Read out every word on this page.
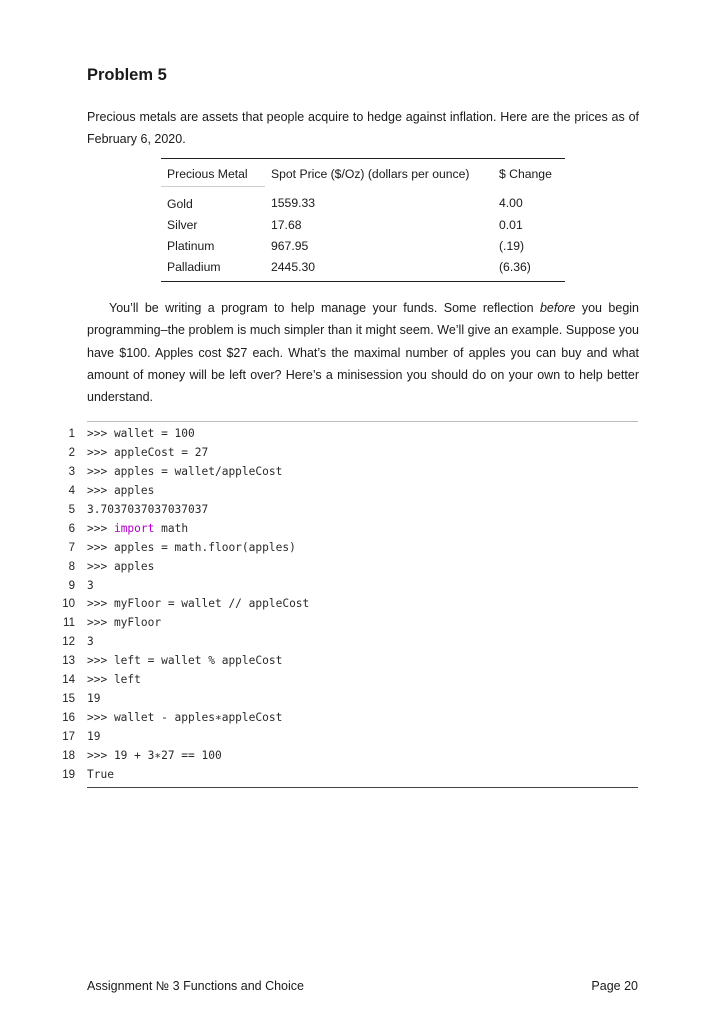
Problem 5

Precious metals are assets that people acquire to hedge against inflation. Here are the prices as of February 6, 2020.

Precious Metal	Spot Price ($/Oz) (dollars per ounce)	$ Change
Gold	1559.33	4.00
Silver	17.68	0.01
Platinum	967.95	(.19)
Palladium	2445.30	(6.36)

You’ll be writing a program to help manage your funds. Some reflection before you begin programming–the problem is much simpler than it might seem. We’ll give an example. Suppose you have $100. Apples cost $27 each. What’s the maximal number of apples you can buy and what amount of money will be left over? Here’s a minisession you should do on your own to help better understand.

1 >>> wallet = 100
2 >>> appleCost = 27
3 >>> apples = wallet/appleCost
4 >>> apples
5 3.7037037037037037
6 >>> import math
7 >>> apples = math.floor(apples)
8 >>> apples
9 3
10 >>> myFloor = wallet // appleCost
11 >>> myFloor
12 3
13 >>> left = wallet % appleCost
14 >>> left
15 19
16 >>> wallet - apples∗appleCost
17 19
18 >>> 19 + 3∗27 == 100
19 True
Assignment № 3 Functions and Choice	Page 20
